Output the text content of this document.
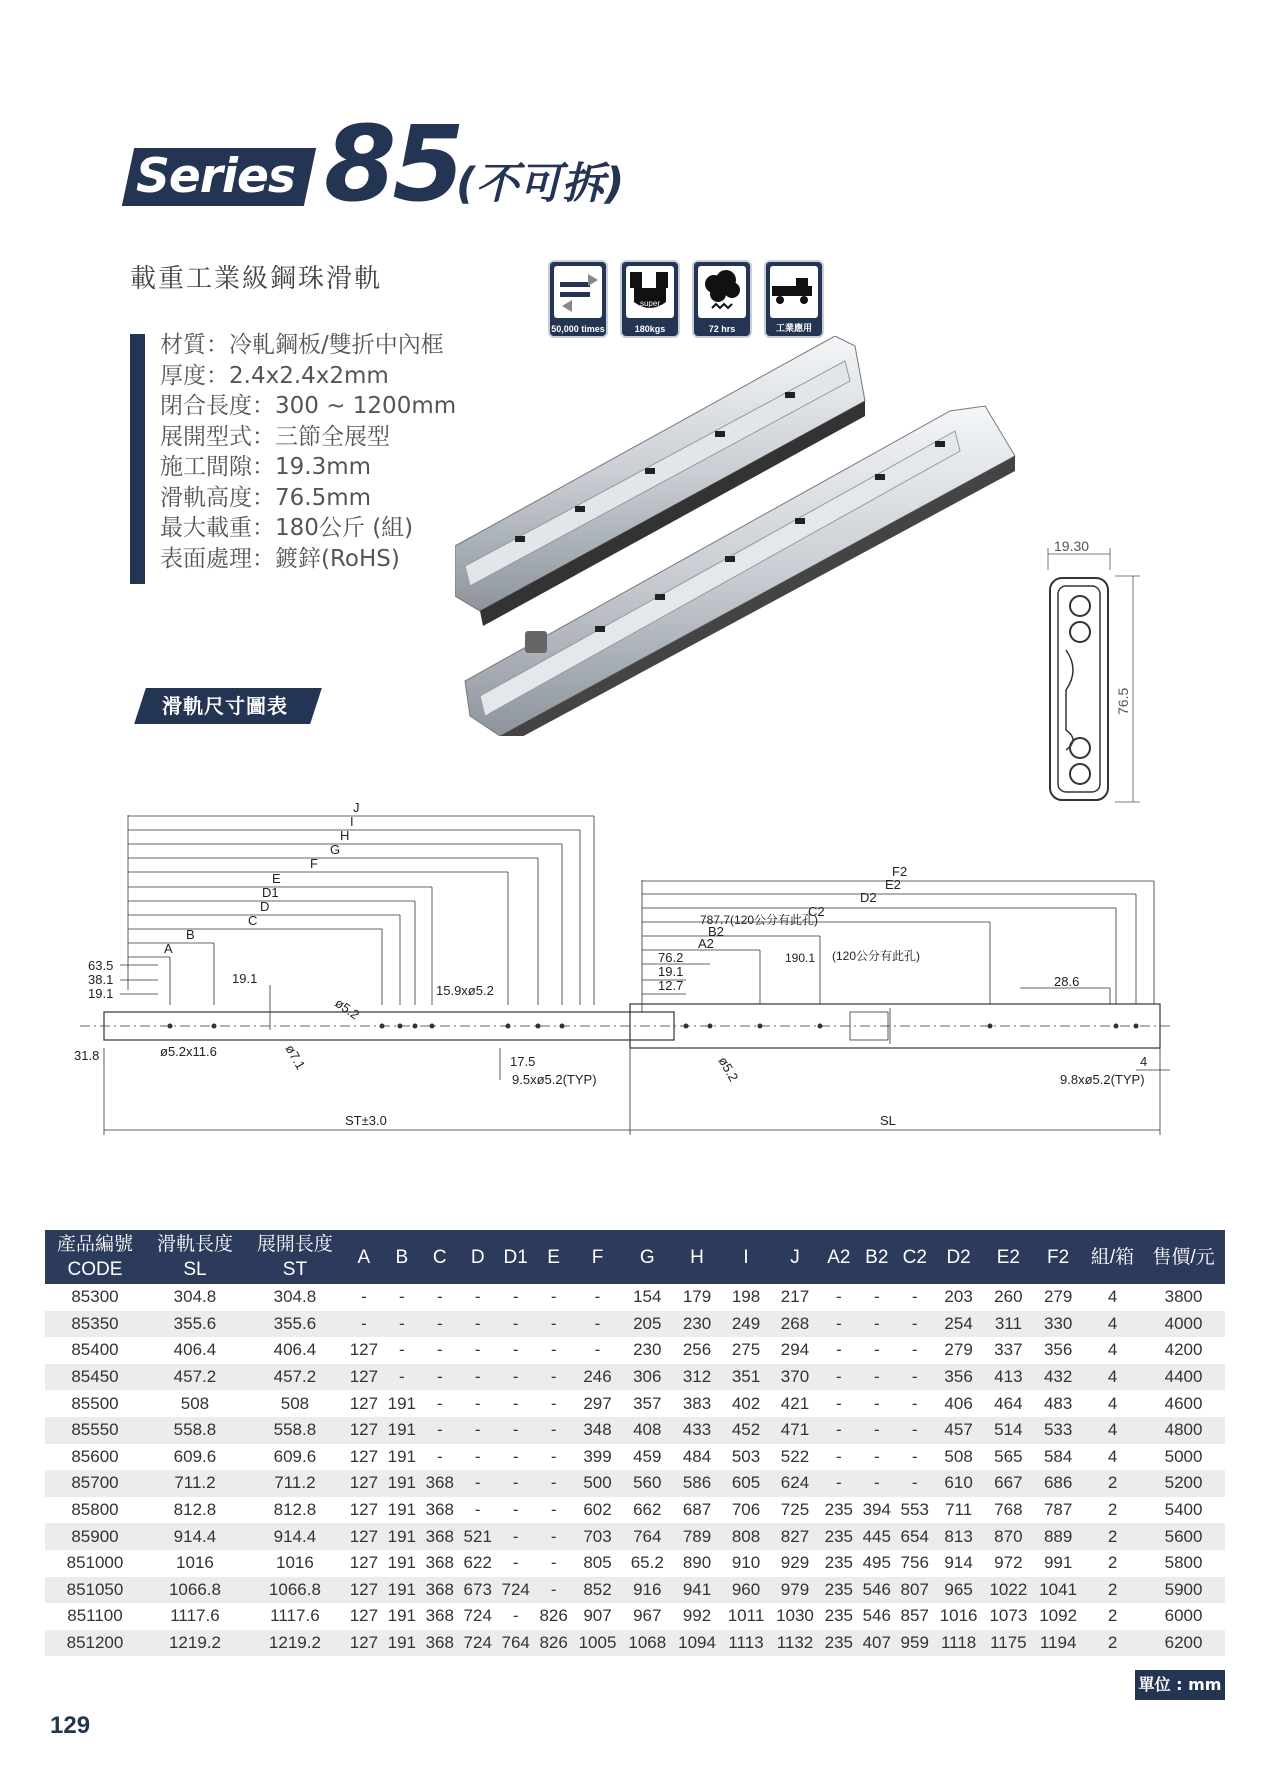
Series 85
(不可拆)
載重工業級鋼珠滑軌
50,000 times
super
180kgs	72 hrs	工業應用
材質：冷軋鋼板/雙折中內框
厚度：2.4x2.4x2mm
閉合長度：300 ~ 1200mm
展開型式：三節全展型
施工間隙：19.3mm
滑軌高度：76.5mm
最大載重：180公斤 (組)
表面處理：鍍鋅(RoHS)	19.30
76.5
滑軌尺寸圖表
J
I
H
G
F
E
D1
D
C
B
A
63.5
38.1
19.1
31.8
19.1
ø5.2
15.9xø5.2
ø5.2x11.6	ø7.1	17.5
9.5xø5.2(TYP)
F2
E2
D2
C2
B2
A2
787.7(120公分有此孔)
190.1 (120公分有此孔)
76.2
19.1
12.7	28.6
4
9.8xø5.2(TYP)
ø5.2
ST±3.0	SL
產品編號
CODE	滑軌長度
SL	展開長度
ST	A	B	C	D	D1	E	F	G	H	I	J	A2	B2	C2	D2	E2	F2	組/箱	售價/元

85300	304.8	304.8	-	-	-	-	-	-	-	154	179	198	217	-	-	-	203	260	279	4	3800
85350	355.6	355.6	-	-	-	-	-	-	-	205	230	249	268	-	-	-	254	311	330	4	4000
85400	406.4	406.4	127	-	-	-	-	-	-	230	256	275	294	-	-	-	279	337	356	4	4200
85450	457.2	457.2	127	-	-	-	-	-	246	306	312	351	370	-	-	-	356	413	432	4	4400
85500	508	508	127	191	-	-	-	-	297	357	383	402	421	-	-	-	406	464	483	4	4600
85550	558.8	558.8	127	191	-	-	-	-	348	408	433	452	471	-	-	-	457	514	533	4	4800
85600	609.6	609.6	127	191	-	-	-	-	399	459	484	503	522	-	-	-	508	565	584	4	5000
85700	711.2	711.2	127	191	368	-	-	-	500	560	586	605	624	-	-	-	610	667	686	2	5200
85800	812.8	812.8	127	191	368	-	-	-	602	662	687	706	725	235	394	553	711	768	787	2	5400
85900	914.4	914.4	127	191	368	521	-	-	703	764	789	808	827	235	445	654	813	870	889	2	5600
851000	1016	1016	127	191	368	622	-	-	805	65.2	890	910	929	235	495	756	914	972	991	2	5800
851050	1066.8	1066.8	127	191	368	673	724	-	852	916	941	960	979	235	546	807	965	1022	1041	2	5900
851100	1117.6	1117.6	127	191	368	724	-	826	907	967	992	1011	1030	235	546	857	1016	1073	1092	2	6000
851200	1219.2	1219.2	127	191	368	724	764	826	1005	1068	1094	1113	1132	235	407	959	1118	1175	1194	2	6200
單位 : mm
129
